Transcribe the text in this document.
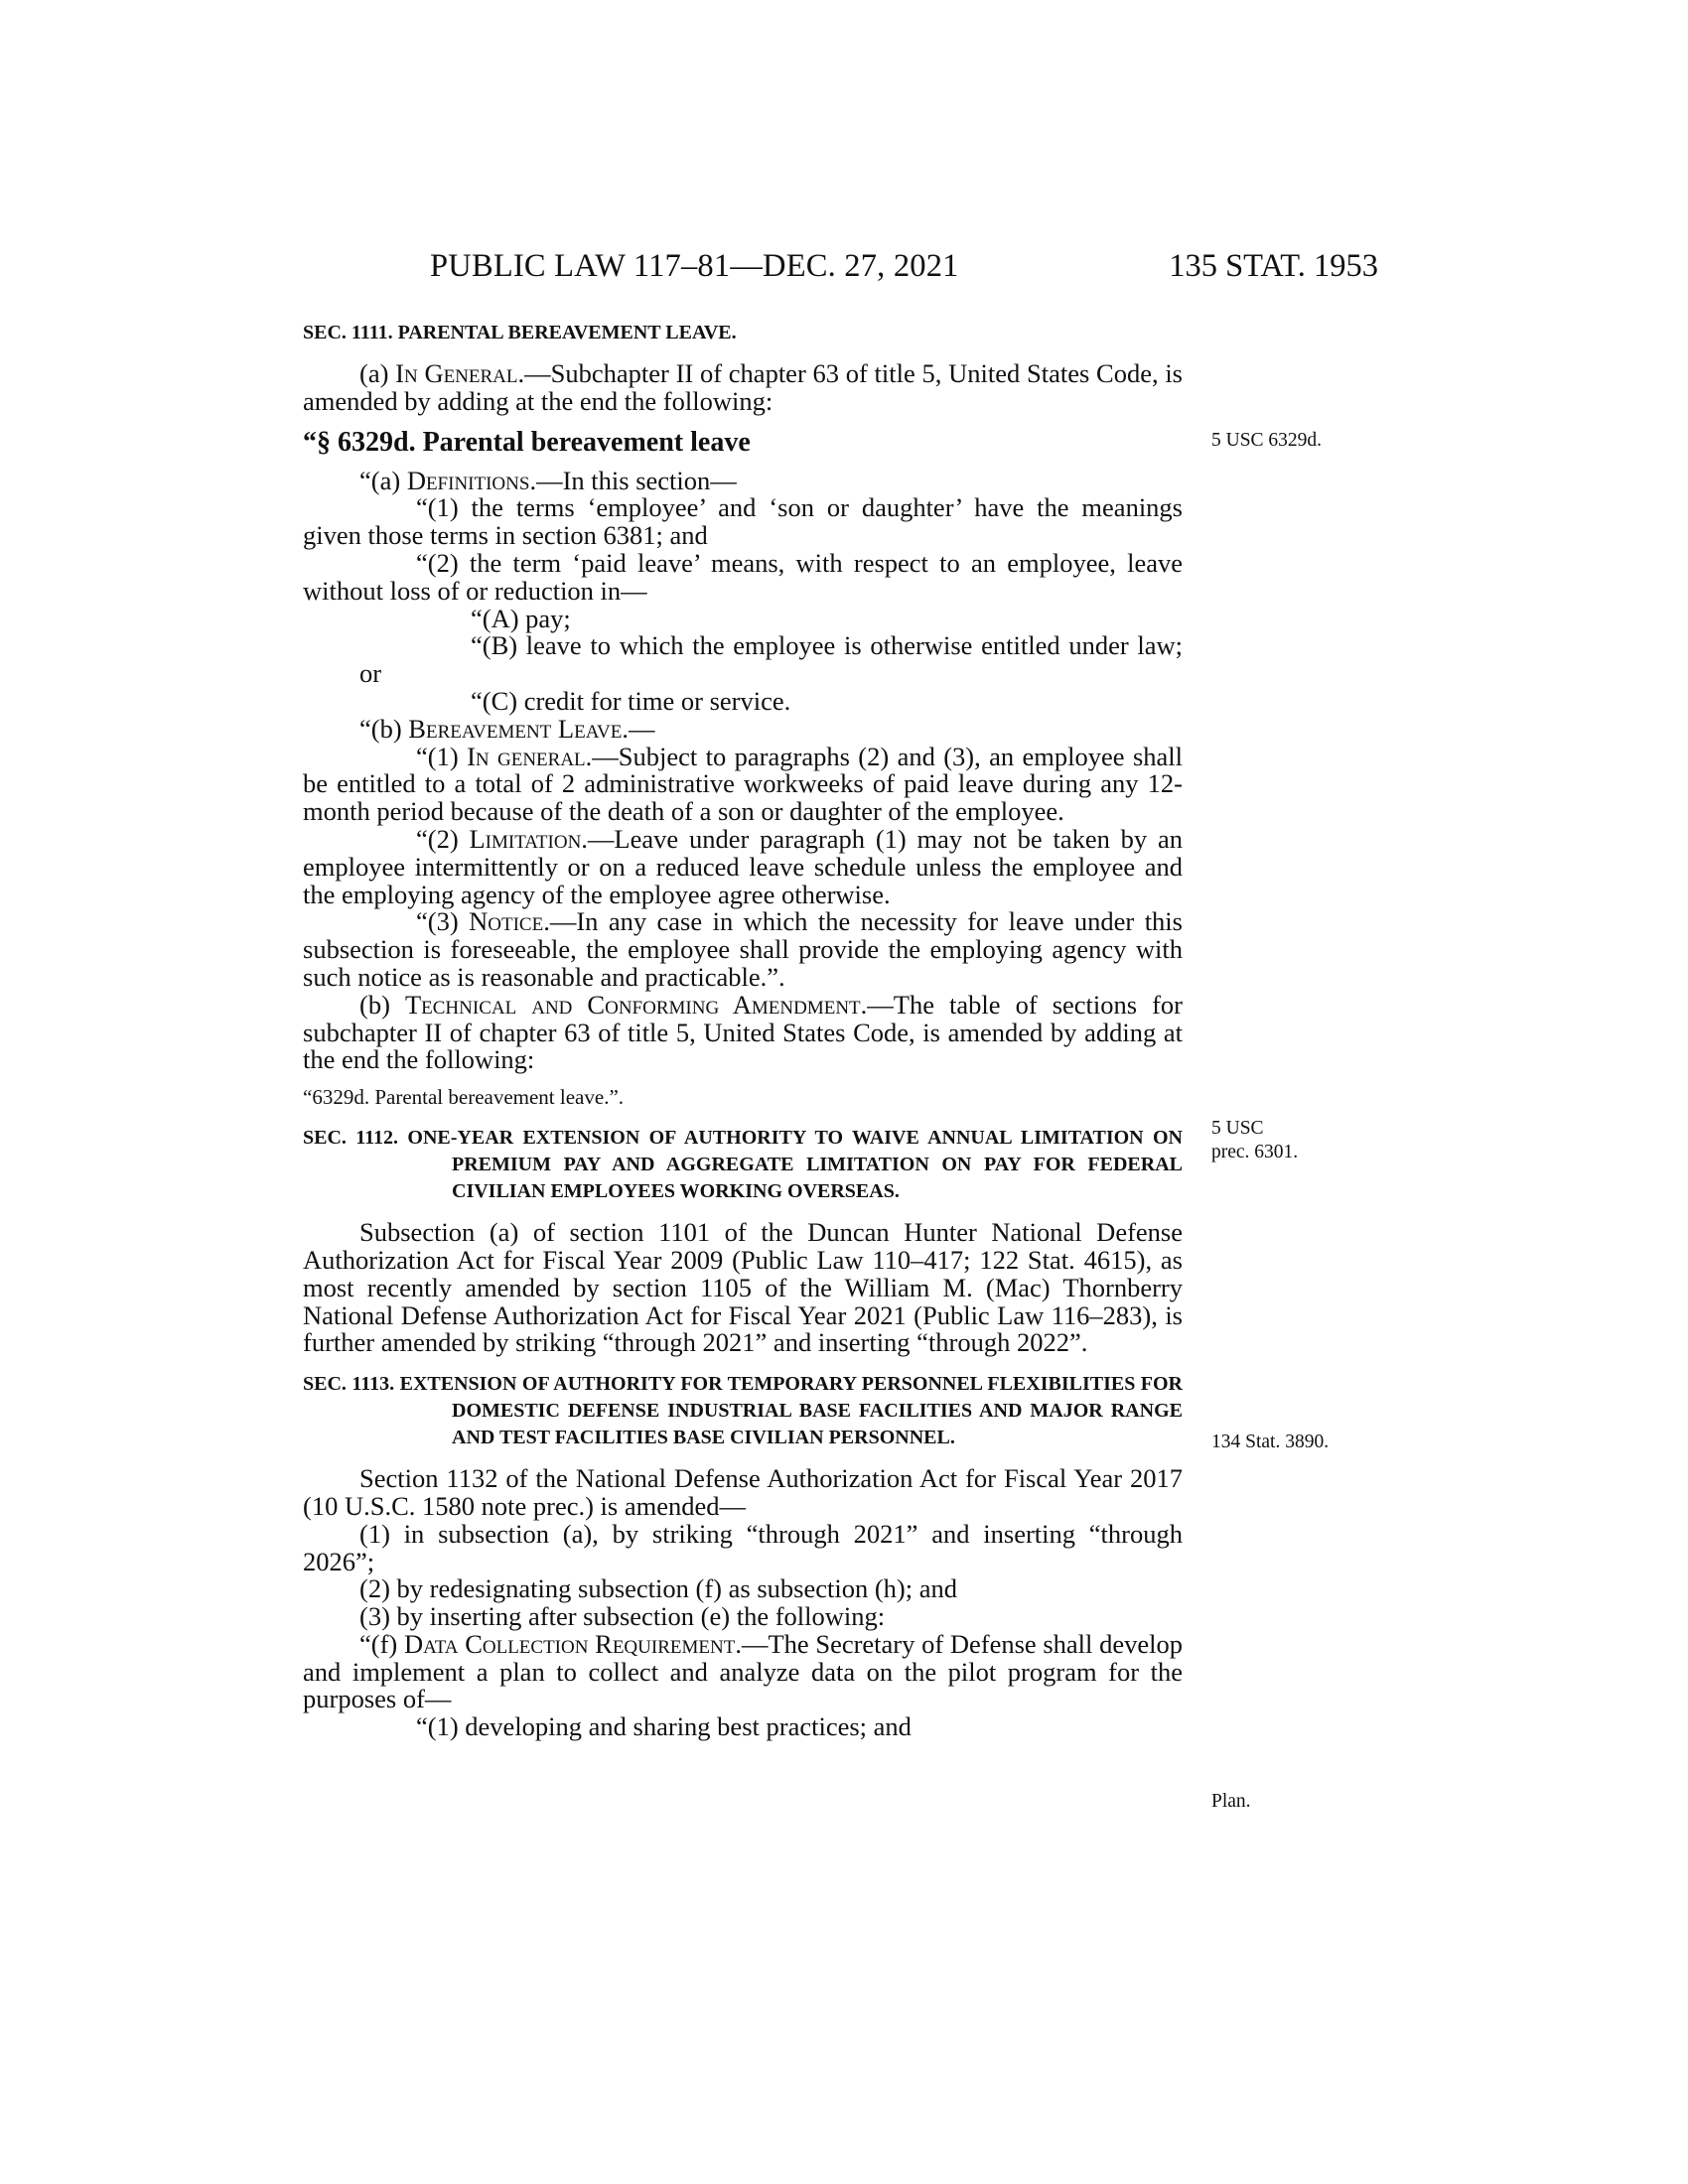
PUBLIC LAW 117–81—DEC. 27, 2021	135 STAT. 1953
5 USC 6329d.
5 USC
prec. 6301.
134 Stat. 3890.
Plan.
SEC. 1111. PARENTAL BEREAVEMENT LEAVE.

(a) In General.—Subchapter II of chapter 63 of title 5, United States Code, is amended by adding at the end the following:

“§ 6329d. Parental bereavement leave

“(a) Definitions.—In this section—

“(1) the terms ‘employee’ and ‘son or daughter’ have the meanings given those terms in section 6381; and

“(2) the term ‘paid leave’ means, with respect to an employee, leave without loss of or reduction in—

“(A) pay;

“(B) leave to which the employee is otherwise entitled under law; or

“(C) credit for time or service.

“(b) Bereavement Leave.—

“(1) In general.—Subject to paragraphs (2) and (3), an employee shall be entitled to a total of 2 administrative workweeks of paid leave during any 12-month period because of the death of a son or daughter of the employee.

“(2) Limitation.—Leave under paragraph (1) may not be taken by an employee intermittently or on a reduced leave schedule unless the employee and the employing agency of the employee agree otherwise.

“(3) Notice.—In any case in which the necessity for leave under this subsection is foreseeable, the employee shall provide the employing agency with such notice as is reasonable and practicable.”.

(b) Technical and Conforming Amendment.—The table of sections for subchapter II of chapter 63 of title 5, United States Code, is amended by adding at the end the following:

“6329d. Parental bereavement leave.”.

SEC. 1112. ONE-YEAR EXTENSION OF AUTHORITY TO WAIVE ANNUAL LIMITATION ON PREMIUM PAY AND AGGREGATE LIMITATION ON PAY FOR FEDERAL CIVILIAN EMPLOYEES WORKING OVERSEAS.

Subsection (a) of section 1101 of the Duncan Hunter National Defense Authorization Act for Fiscal Year 2009 (Public Law 110–417; 122 Stat. 4615), as most recently amended by section 1105 of the William M. (Mac) Thornberry National Defense Authorization Act for Fiscal Year 2021 (Public Law 116–283), is further amended by striking “through 2021” and inserting “through 2022”.

SEC. 1113. EXTENSION OF AUTHORITY FOR TEMPORARY PERSONNEL FLEXIBILITIES FOR DOMESTIC DEFENSE INDUSTRIAL BASE FACILITIES AND MAJOR RANGE AND TEST FACILITIES BASE CIVILIAN PERSONNEL.

Section 1132 of the National Defense Authorization Act for Fiscal Year 2017 (10 U.S.C. 1580 note prec.) is amended—

(1) in subsection (a), by striking “through 2021” and inserting “through 2026”;

(2) by redesignating subsection (f) as subsection (h); and

(3) by inserting after subsection (e) the following:

“(f) Data Collection Requirement.—The Secretary of Defense shall develop and implement a plan to collect and analyze data on the pilot program for the purposes of—

“(1) developing and sharing best practices; and
